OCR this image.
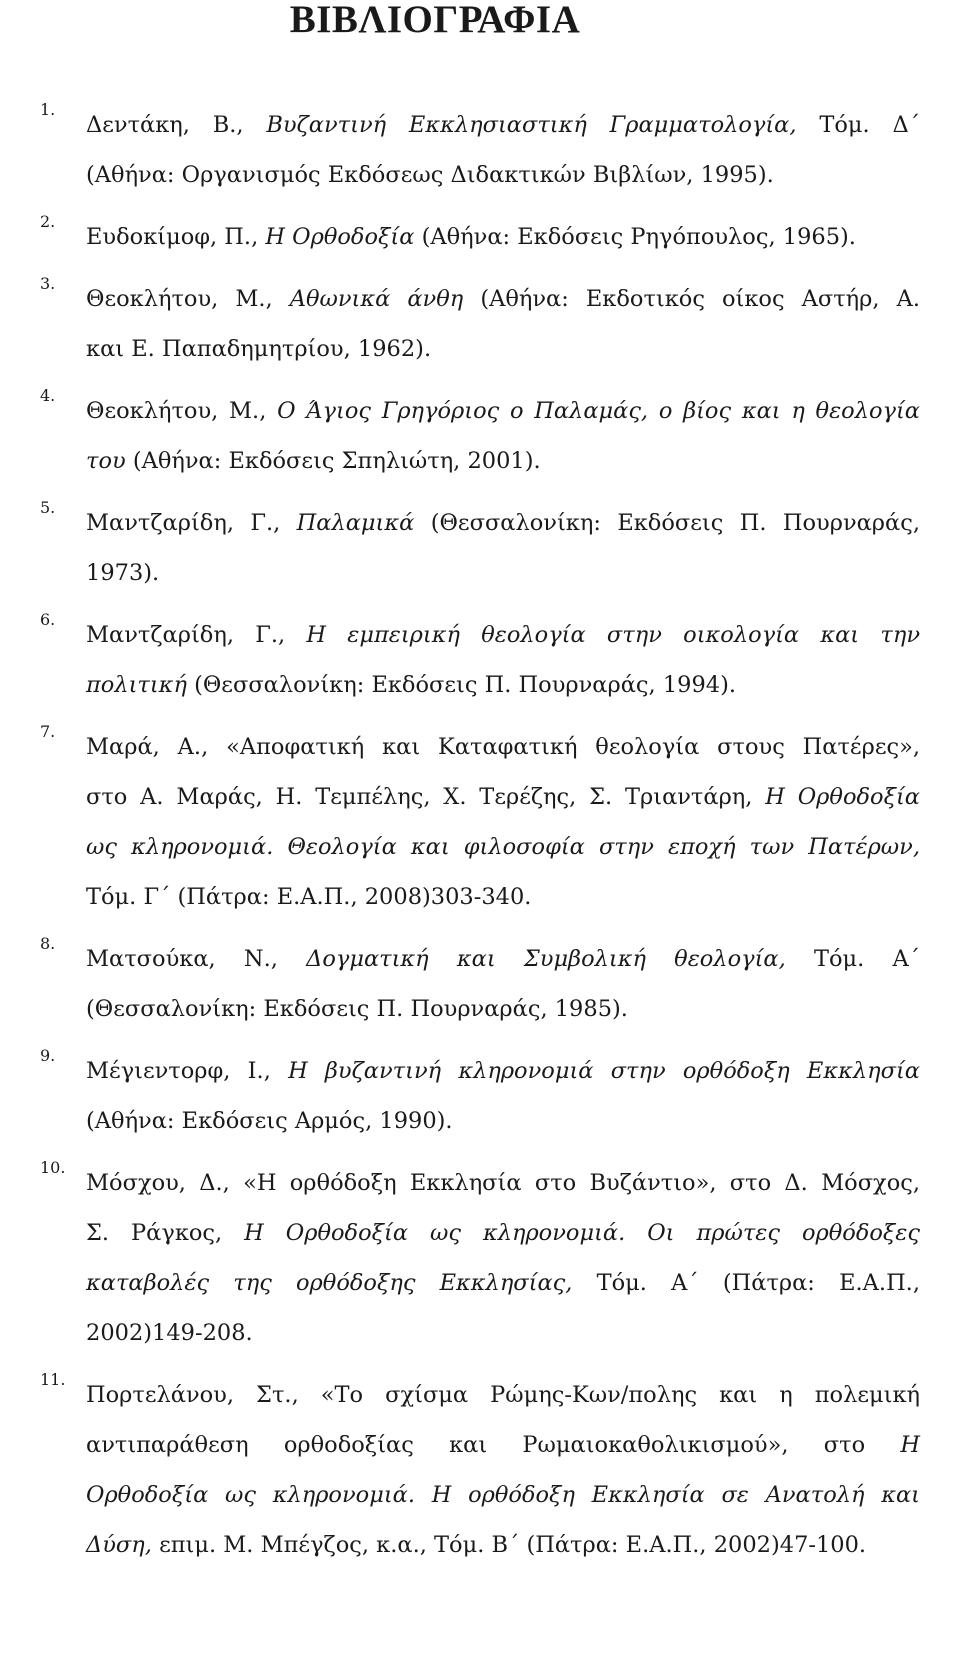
ΒΙΒΛΙΟΓΡΑΦΙΑ
1.
Δεντάκη, Β., Βυζαντινή Εκκλησιαστική Γραμματολογία, Τόμ. Δ΄
(Αθήνα: Οργανισμός Εκδόσεως Διδακτικών Βιβλίων, 1995).
2.
Ευδοκίμοφ, Π., Η Ορθοδοξία (Αθήνα: Εκδόσεις Ρηγόπουλος, 1965).
3.
Θεοκλήτου, Μ., Αθωνικά άνθη (Αθήνα: Εκδοτικός οίκος Αστήρ, Α.
και Ε. Παπαδημητρίου, 1962).
4.
Θεοκλήτου, Μ., Ο Άγιος Γρηγόριος ο Παλαμάς, ο βίος και η θεολογία
του (Αθήνα: Εκδόσεις Σπηλιώτη, 2001).
5.
Μαντζαρίδη, Γ., Παλαμικά (Θεσσαλονίκη: Εκδόσεις Π. Πουρναράς,
1973).
6.
Μαντζαρίδη, Γ., Η εμπειρική θεολογία στην οικολογία και την
πολιτική (Θεσσαλονίκη: Εκδόσεις Π. Πουρναράς, 1994).
7.
Μαρά, Α., «Αποφατική και Καταφατική θεολογία στους Πατέρες»,
στο Α. Μαράς, Η. Τεμπέλης, Χ. Τερέζης, Σ. Τριαντάρη, Η Ορθοδοξία
ως κληρονομιά. Θεολογία και φιλοσοφία στην εποχή των Πατέρων,
Τόμ. Γ΄ (Πάτρα: Ε.Α.Π., 2008)303-340.
8.
Ματσούκα, Ν., Δογματική και Συμβολική θεολογία, Τόμ. Α΄
(Θεσσαλονίκη: Εκδόσεις Π. Πουρναράς, 1985).
9.
Μέγιεντορφ, Ι., Η βυζαντινή κληρονομιά στην ορθόδοξη Εκκλησία
(Αθήνα: Εκδόσεις Αρμός, 1990).
10.
Μόσχου, Δ., «Η ορθόδοξη Εκκλησία στο Βυζάντιο», στο Δ. Μόσχος,
Σ. Ράγκος, Η Ορθοδοξία ως κληρονομιά. Οι πρώτες ορθόδοξες
καταβολές της ορθόδοξης Εκκλησίας, Τόμ. Α΄ (Πάτρα: Ε.Α.Π.,
2002)149-208.
11.
Πορτελάνου, Στ., «Το σχίσμα Ρώμης-Κων/πολης και η πολεμική
αντιπαράθεση ορθοδοξίας και Ρωμαιοκαθολικισμού», στο Η
Ορθοδοξία ως κληρονομιά. Η ορθόδοξη Εκκλησία σε Ανατολή και
Δύση, επιμ. Μ. Μπέγζος, κ.α., Τόμ. Β΄ (Πάτρα: Ε.Α.Π., 2002)47-100.
